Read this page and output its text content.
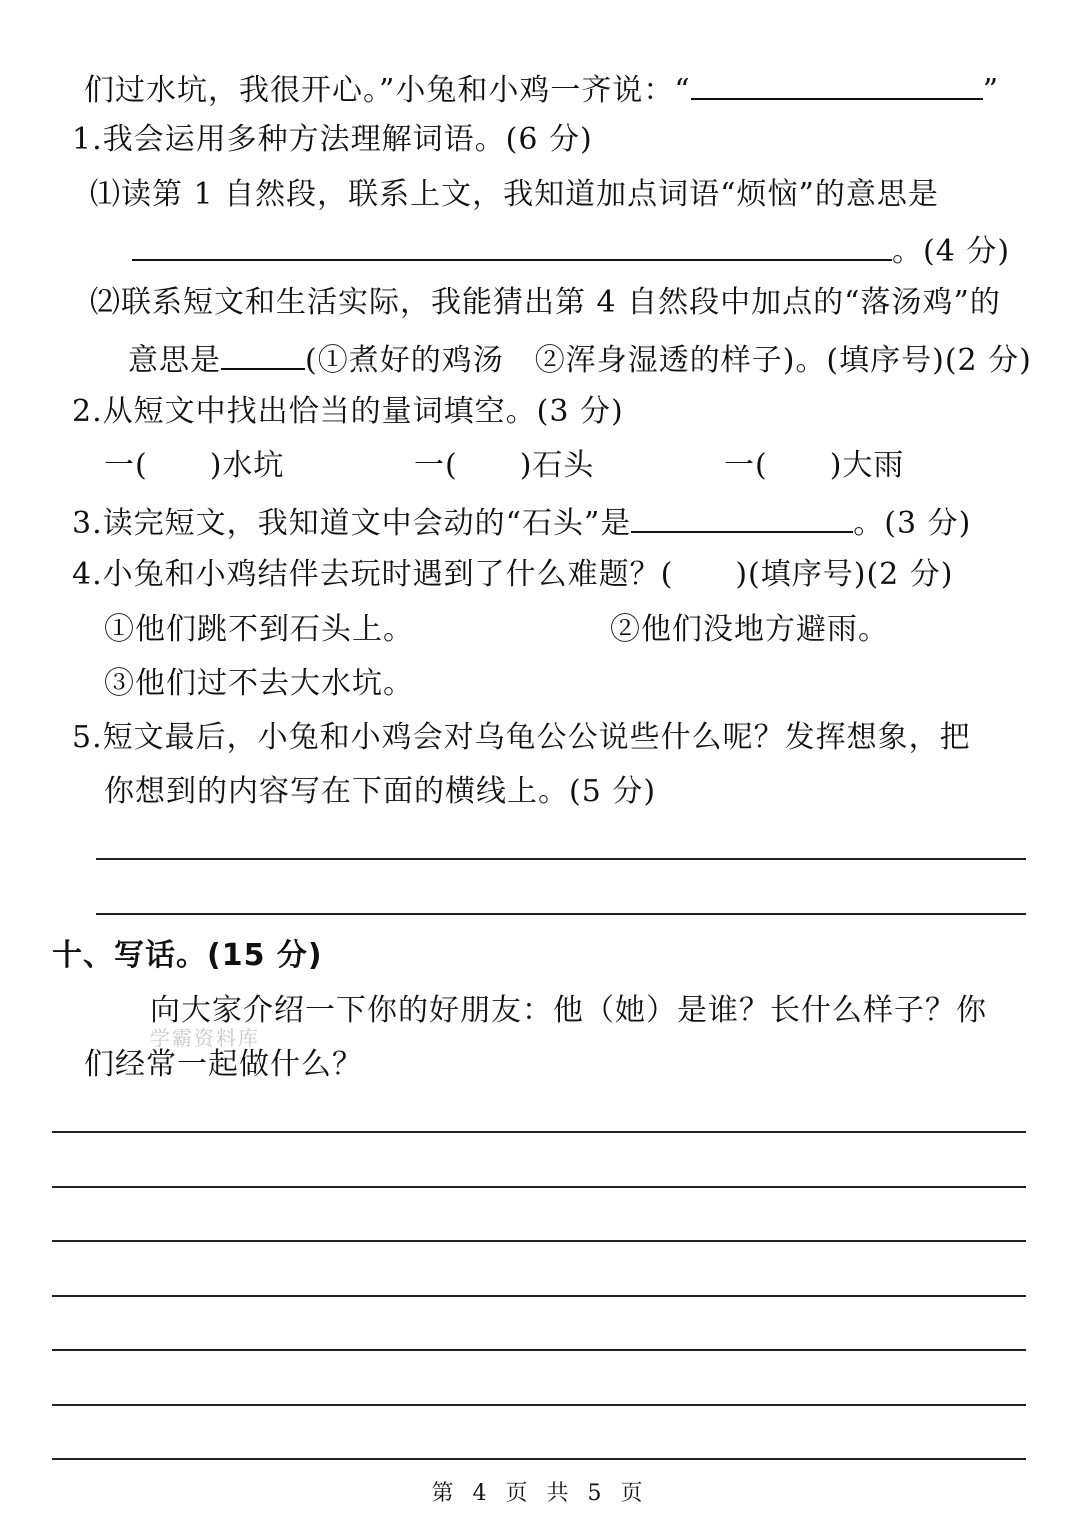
们过水坑，我很开心。”小兔和小鸡一齐说：“	”
1.我会运用多种方法理解词语。(6 分)
⑴读第 1 自然段，联系上文，我知道加点词语“烦恼”的意思是
。(4 分)
⑵联系短文和生活实际，我能猜出第 4 自然段中加点的“落汤鸡”的
意思是	(①煮好的鸡汤　②浑身湿透的样子)。(填序号)(2 分)
2.从短文中找出恰当的量词填空。(3 分)
一(　　)水坑	一(　　)石头	一(　　)大雨
3.读完短文，我知道文中会动的“石头”是	。(3 分)
4.小兔和小鸡结伴去玩时遇到了什么难题？(　　)(填序号)(2 分)
①他们跳不到石头上。	②他们没地方避雨。
③他们过不去大水坑。
5.短文最后，小兔和小鸡会对乌龟公公说些什么呢？发挥想象，把
你想到的内容写在下面的横线上。(5 分)
十、写话。(15 分)
向大家介绍一下你的好朋友：他（她）是谁？长什么样子？你
学霸资料库
们经常一起做什么？
第 4 页 共 5 页
